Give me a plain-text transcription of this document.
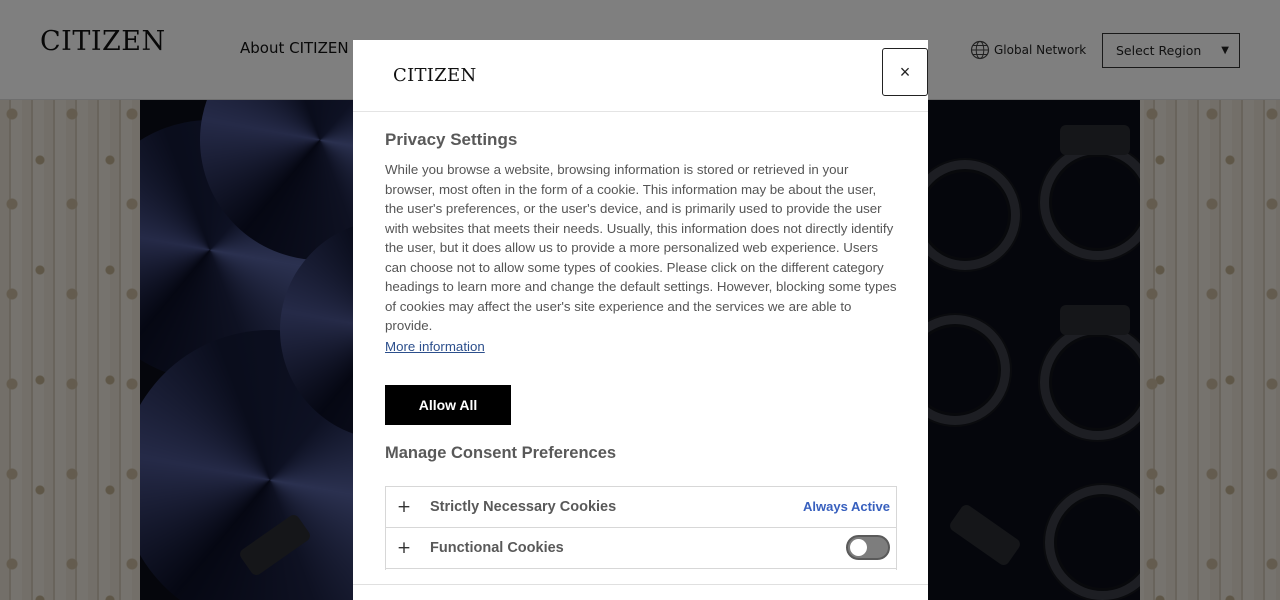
CITIZEN	×
Privacy Settings

While you browse a website, browsing information is stored or retrieved in your browser, most often in the form of a cookie. This information may be about the user, the user's preferences, or the user's device, and is primarily used to provide the user with websites that meets their needs. Usually, this information does not directly identify the user, but it does allow us to provide a more personalized web experience. Users can choose not to allow some types of cookies. Please click on the different category headings to learn more and change the default settings. However, blocking some types of cookies may affect the user's site experience and the services we are able to provide.

More information
Allow All
Manage Consent Preferences
+ Strictly Necessary Cookies	Always Active
+ Functional Cookies
